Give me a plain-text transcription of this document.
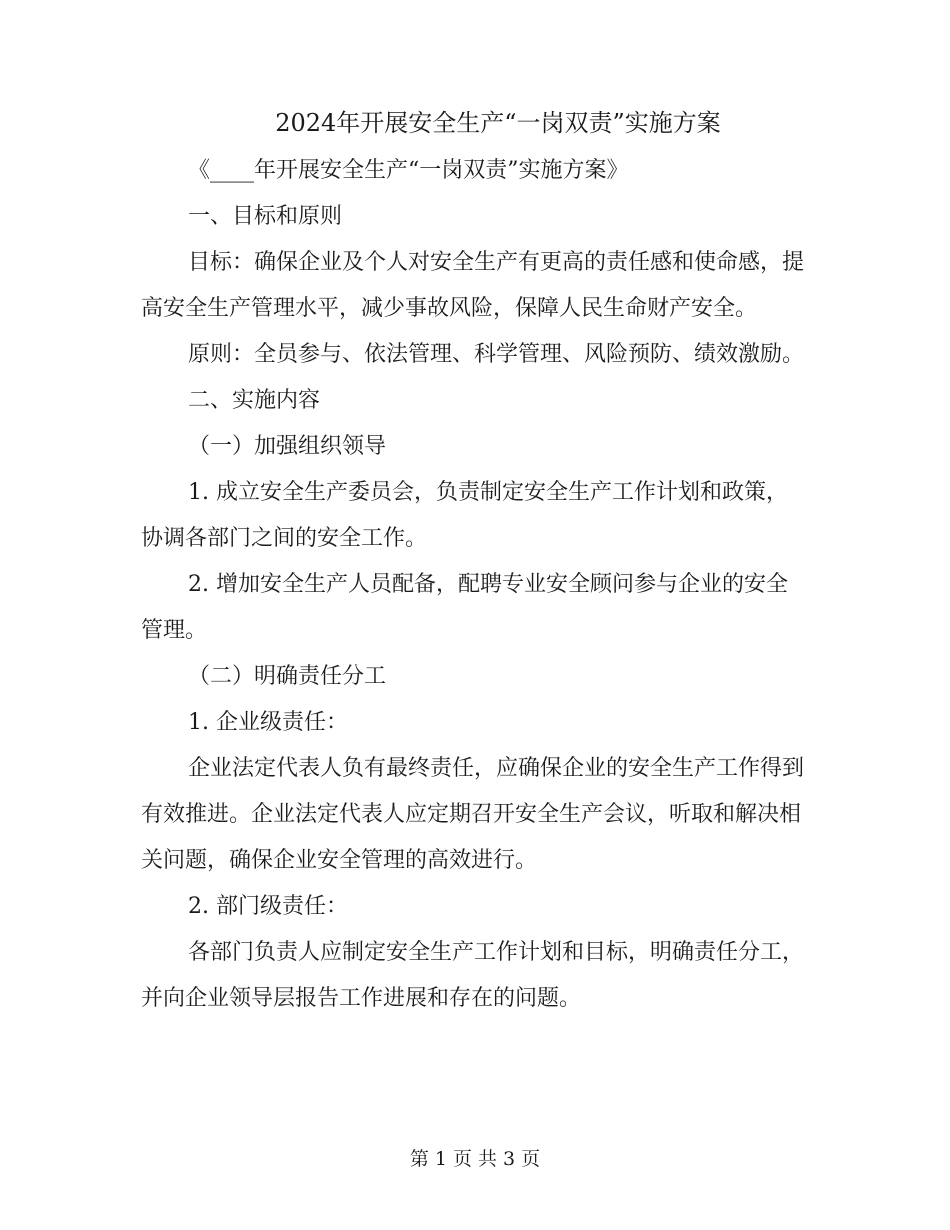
2024年开展安全生产“一岗双责”实施方案

《____年开展安全生产“一岗双责”实施方案》

一、目标和原则

目标：确保企业及个人对安全生产有更高的责任感和使命感，提高安全生产管理水平，减少事故风险，保障人民生命财产安全。

原则：全员参与、依法管理、科学管理、风险预防、绩效激励。

二、实施内容

（一）加强组织领导

1. 成立安全生产委员会，负责制定安全生产工作计划和政策，协调各部门之间的安全工作。

2. 增加安全生产人员配备，配聘专业安全顾问参与企业的安全管理。

（二）明确责任分工

1. 企业级责任：

企业法定代表人负有最终责任，应确保企业的安全生产工作得到有效推进。企业法定代表人应定期召开安全生产会议，听取和解决相关问题，确保企业安全管理的高效进行。

2. 部门级责任：

各部门负责人应制定安全生产工作计划和目标，明确责任分工，并向企业领导层报告工作进展和存在的问题。

第 1 页 共 3 页
